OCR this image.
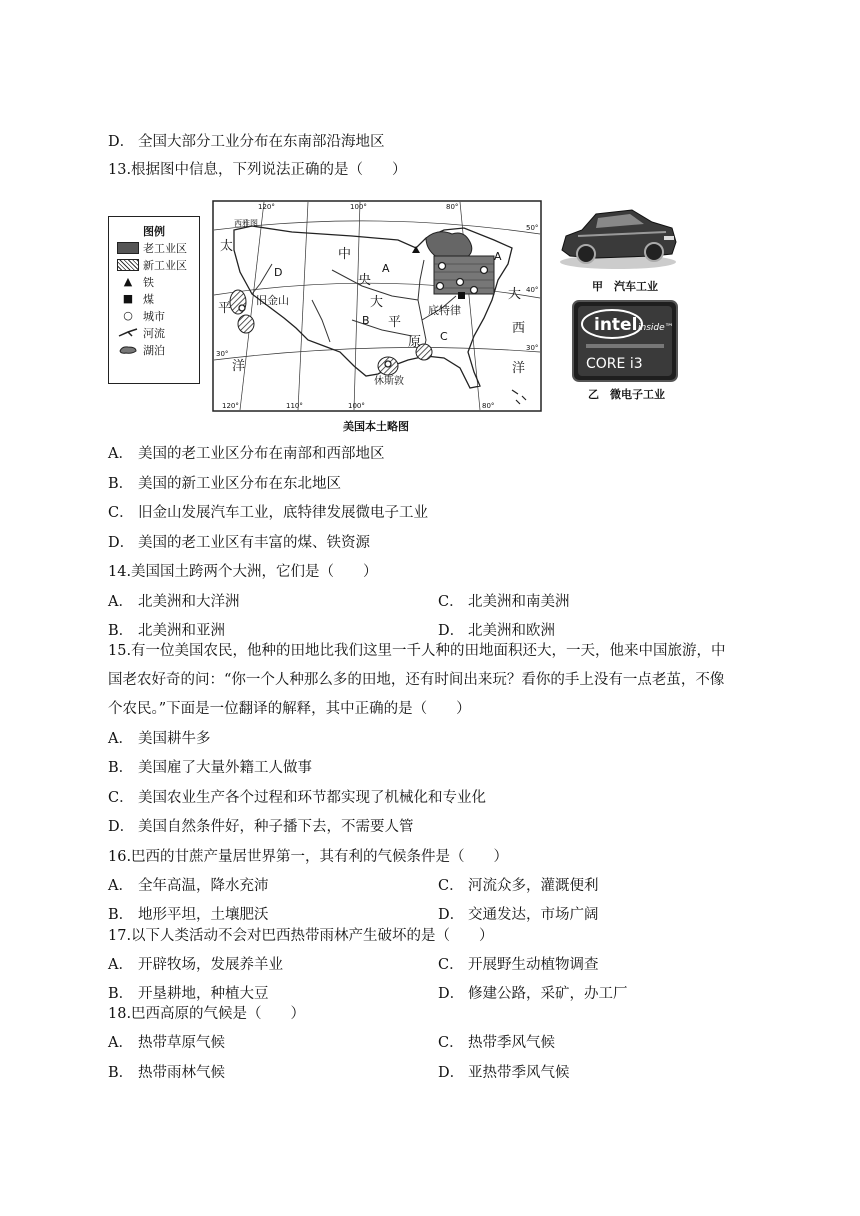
D． 全国大部分工业分布在东南部沿海地区
13.根据图中信息，下列说法正确的是（　　）
图例
老工业区
新工业区
▲ 铁
■ 煤
○ 城市
河流
湖泊
西雅图
旧金山
底特律
休斯敦
太
平
洋
大
西
洋
中
央
大
平
原
A
A
B
C
D
120°	100°	80°
120°	110°	100°	80°
50°
40°
30°
30°
美国本土略图
甲　汽车工业
intel inside™
CORE i3
乙　微电子工业
A． 美国的老工业区分布在南部和西部地区
B． 美国的新工业区分布在东北地区
C． 旧金山发展汽车工业，底特律发展微电子工业
D． 美国的老工业区有丰富的煤、铁资源
14.美国国土跨两个大洲，它们是（　　）
A． 北美洲和大洋洲	C． 北美洲和南美洲
B． 北美洲和亚洲	D． 北美洲和欧洲
15.有一位美国农民，他种的田地比我们这里一千人种的田地面积还大，一天，他来中国旅游，中
国老农好奇的问：“你一个人种那么多的田地，还有时间出来玩？看你的手上没有一点老茧，不像
个农民。”下面是一位翻译的解释，其中正确的是（　　）
A． 美国耕牛多
B． 美国雇了大量外籍工人做事
C． 美国农业生产各个过程和环节都实现了机械化和专业化
D． 美国自然条件好，种子播下去，不需要人管
16.巴西的甘蔗产量居世界第一，其有利的气候条件是（　　）
A． 全年高温，降水充沛	C． 河流众多，灌溉便利
B． 地形平坦，土壤肥沃	D． 交通发达，市场广阔
17.以下人类活动不会对巴西热带雨林产生破坏的是（　　）
A． 开辟牧场，发展养羊业	C． 开展野生动植物调查
B． 开垦耕地，种植大豆	D． 修建公路，采矿，办工厂
18.巴西高原的气候是（　　）
A． 热带草原气候	C． 热带季风气候
B． 热带雨林气候	D． 亚热带季风气候
